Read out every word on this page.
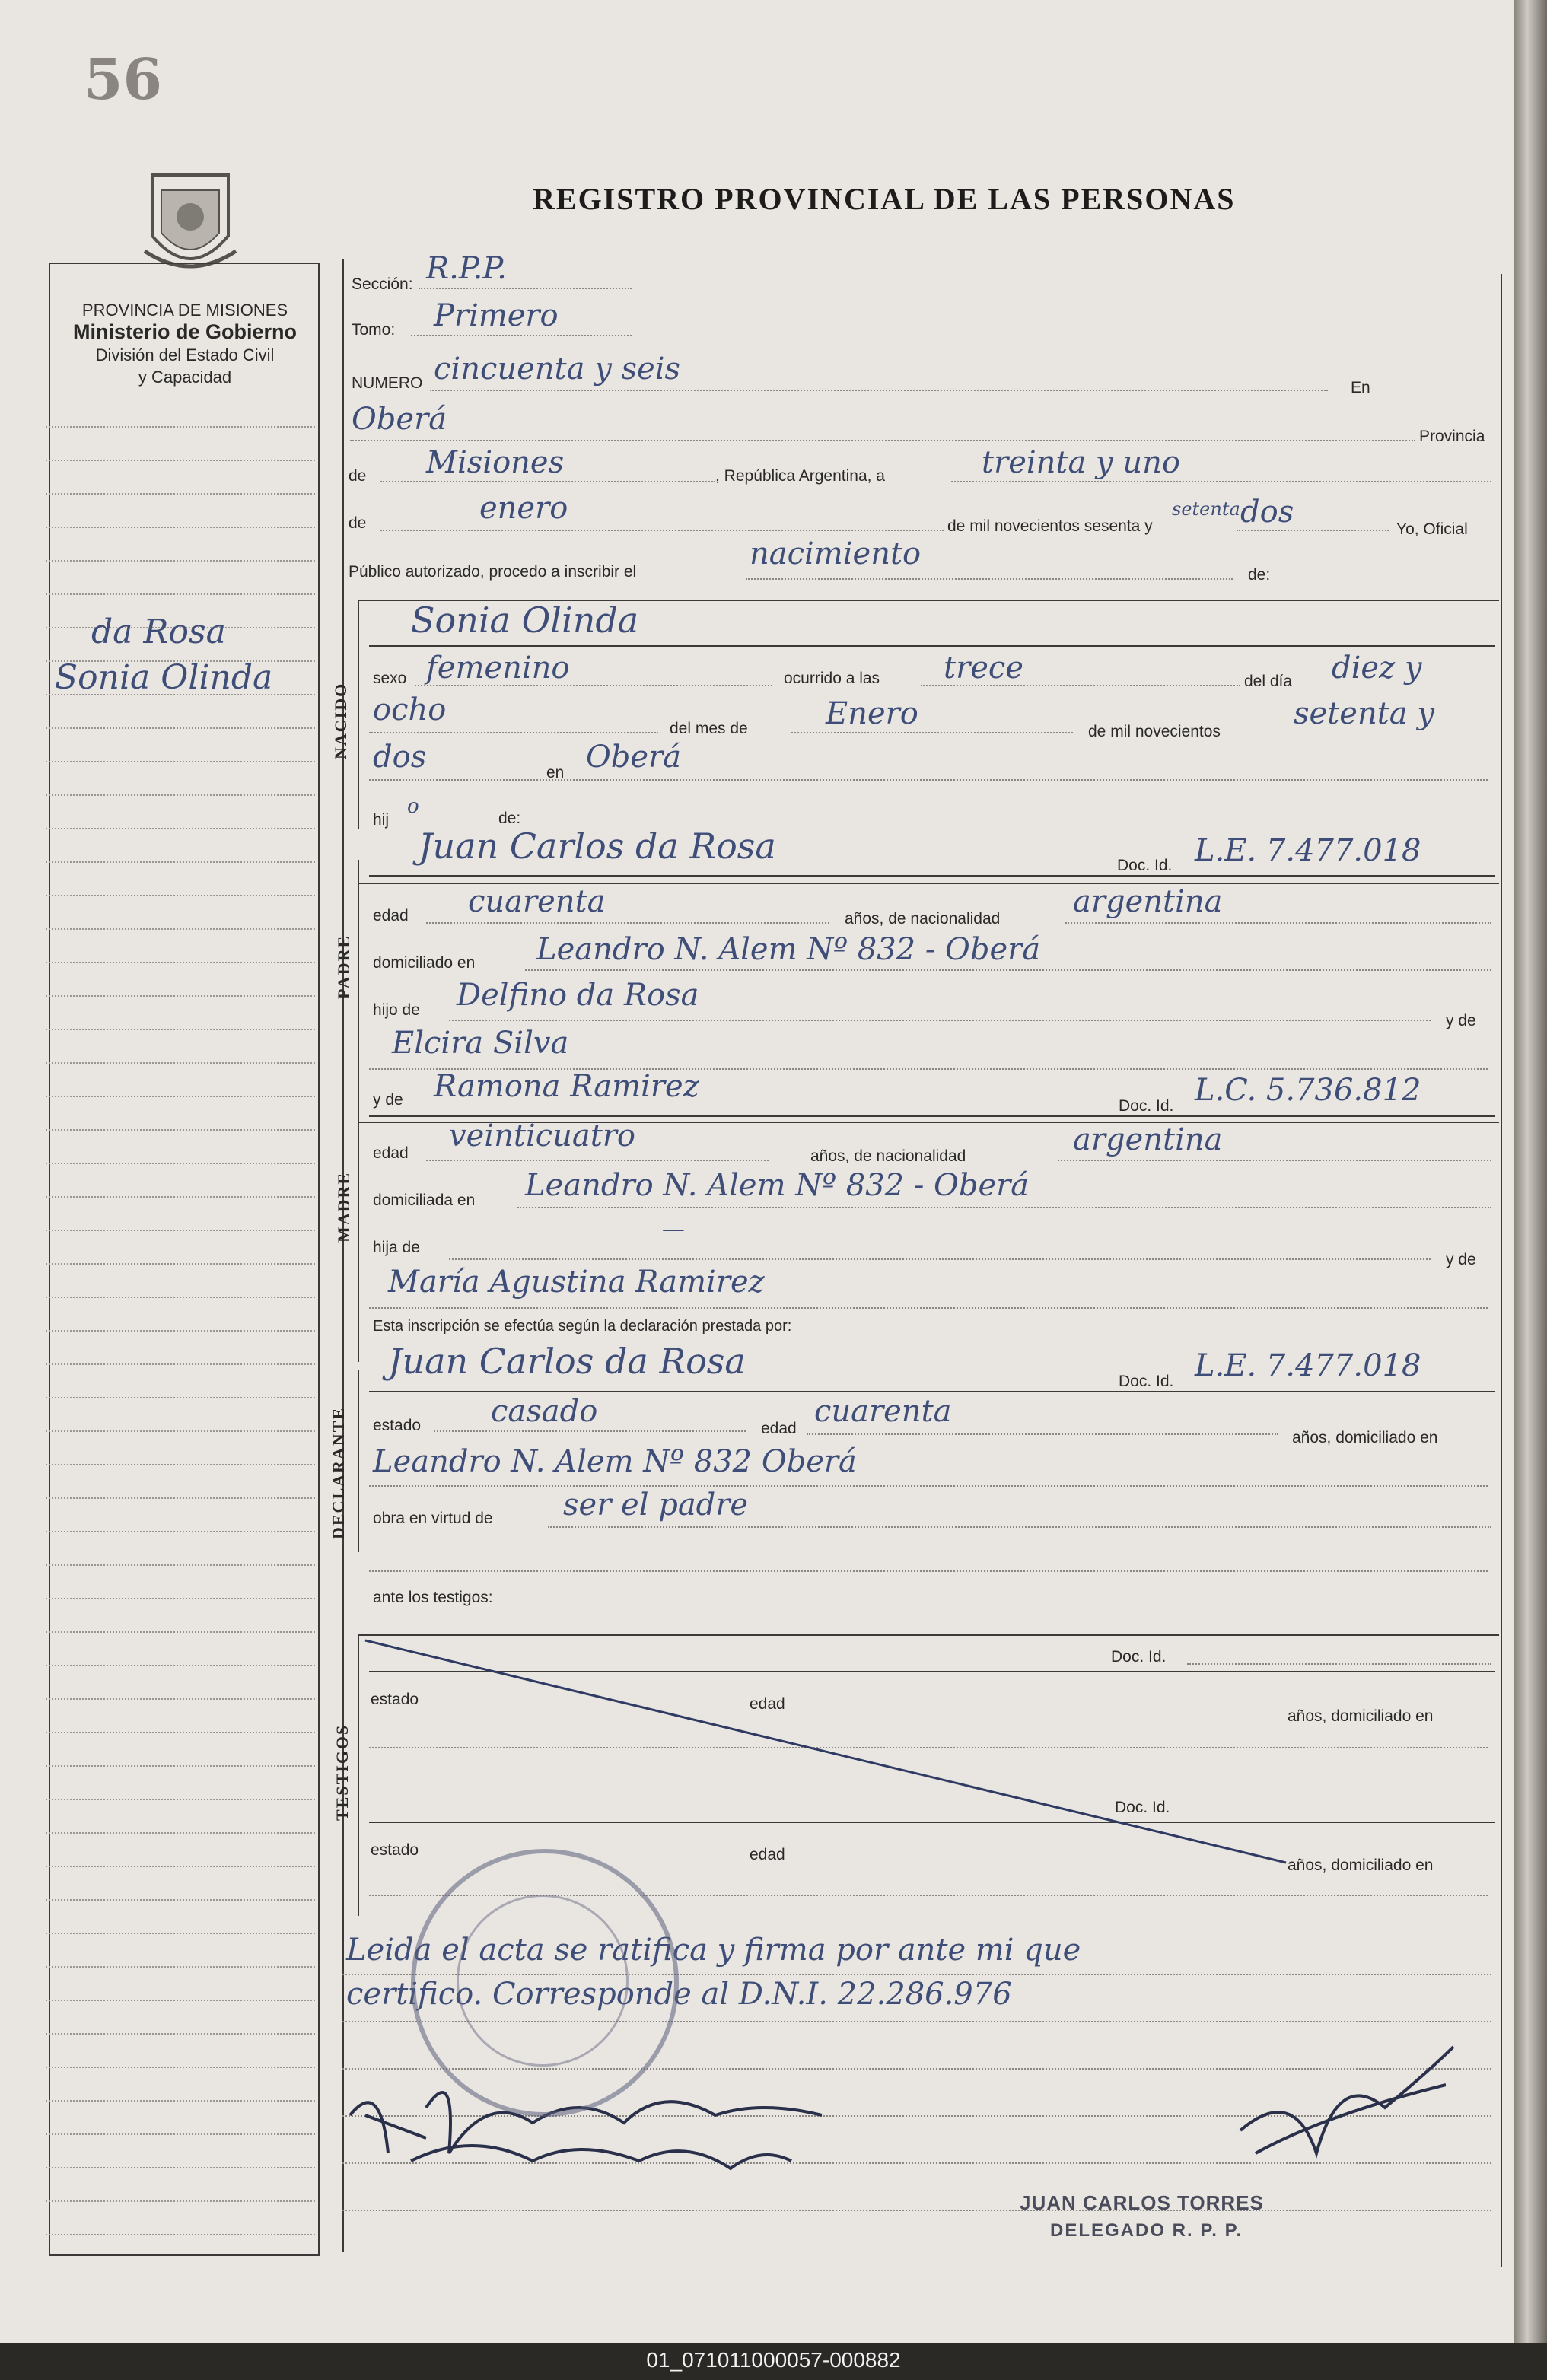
56
REGISTRO PROVINCIAL DE LAS PERSONAS
PROVINCIA DE MISIONES
Ministerio de Gobierno
División del Estado Civil
y Capacidad
da Rosa
Sonia Olinda
Sección: R.P.P.
Tomo: Primero
NUMERO cincuenta y seis
En
Oberá	Provincia
de Misiones	, República Argentina, a	treinta y uno
de	enero
de mil novecientos sesenta y
setenta dos	Yo, Oficial
Público autorizado, procedo a inscribir el
nacimiento
de:
NACIDO
Sonia Olinda
sexo femenino	ocurrido a las trece	del día diez y
ocho
del mes de	Enero
de mil novecientos
setenta y
dos	en Oberá
hij
o
de:
Juan Carlos da Rosa	Doc. Id. L.E. 7.477.018
PADRE
edad cuarenta	años, de nacionalidad argentina
domiciliado en Leandro N. Alem Nº 832 - Oberá
hijo de Delfino da Rosa
y de
Elcira Silva
y de Ramona Ramirez
Doc. Id. L.C. 5.736.812
MADRE
edad veinticuatro
años, de nacionalidad	argentina
domiciliada en Leandro N. Alem Nº 832 - Oberá
hija de
—
y de
María Agustina Ramirez
Esta inscripción se efectúa según la declaración prestada por:
DECLARANTE
Juan Carlos da Rosa	Doc. Id. L.E. 7.477.018
estado casado	edad cuarenta
años, domiciliado en
Leandro N. Alem Nº 832 Oberá
obra en virtud de ser el padre
ante los testigos:
TESTIGOS
Doc. Id.
estado	edad
años, domiciliado en
Doc. Id.
estado	edad
años, domiciliado en
Leida el acta se ratifica y firma por ante mi que
certifico. Corresponde al D.N.I. 22.286.976
JUAN CARLOS TORRES
DELEGADO R. P. P.
01_071011000057-000882
